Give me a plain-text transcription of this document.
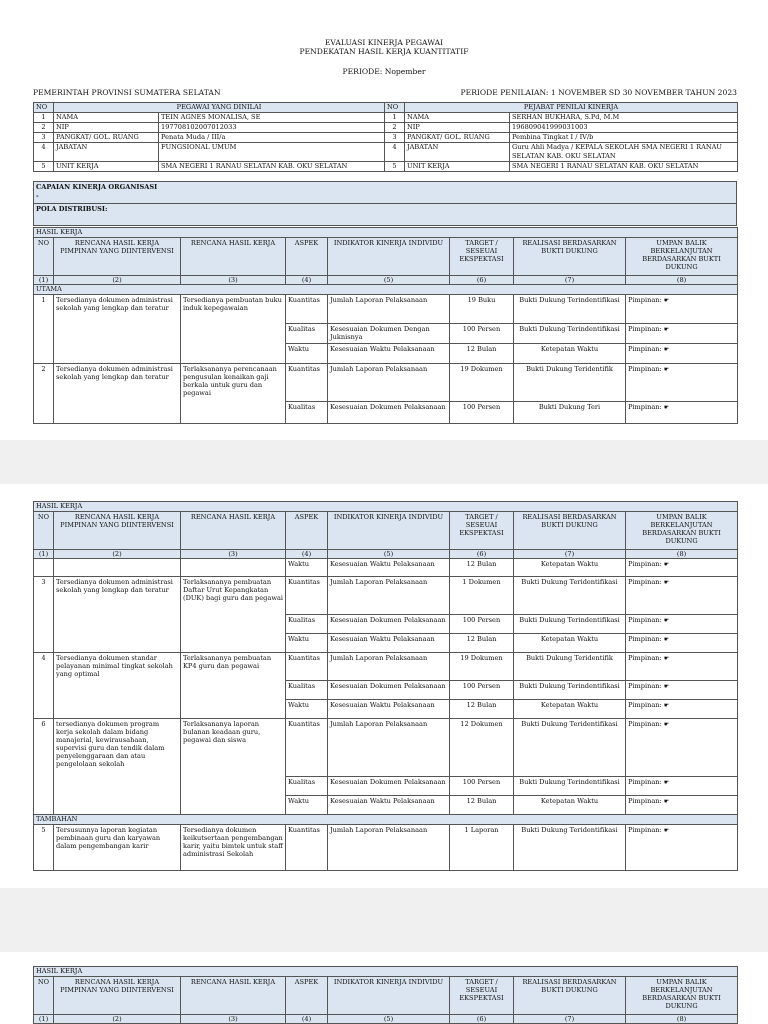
EVALUASI KINERJA PEGAWAI
PENDEKATAN HASIL KERJA KUANTITATIF
PERIODE: Nopember
PEMERINTAH PROVINSI SUMATERA SELATAN	PERIODE PENILAIAN: 1 NOVEMBER SD 30 NOVEMBER TAHUN 2023
NO	PEGAWAI YANG DINILAI		NO	PEJABAT PENILAI KINERJA	
1	NAMA	TEIN AGNES MONALISA, SE	1	NAMA	SERHAN BUKHARA, S.Pd, M.M
2	NIP	197708102007012033	2	NIP	196809041999031003
3	PANGKAT/ GOL. RUANG	Penata Muda / III/a	3	PANGKAT/ GOL. RUANG	Pembina Tingkat I / IV/b
4	JABATAN	FUNGSIONAL UMUM	4	JABATAN	Guru Ahli Madya / KEPALA SEKOLAH SMA NEGERI 1 RANAU SELATAN KAB. OKU SELATAN
5	UNIT KERJA	SMA NEGERI 1 RANAU SELATAN KAB. OKU SELATAN	5	UNIT KERJA	SMA NEGERI 1 RANAU SELATAN KAB. OKU SELATAN
CAPAIAN KINERJA ORGANISASI
-

POLA DISTRIBUSI:
HASIL KERJA							
NO	RENCANA HASIL KERJA PIMPINAN YANG DIINTERVENSI	RENCANA HASIL KERJA	ASPEK	INDIKATOR KINERJA INDIVIDU	TARGET / SESEUAI EKSPEKTASI	REALISASI BERDASARKAN BUKTI DUKUNG	UMPAN BALIK BERKELANJUTAN BERDASARKAN BUKTI DUKUNG
(1)	(2)	(3)	(4)	(5)	(6)	(7)	(8)
UTAMA							
1	Tersedianya dokumen administrasi sekolah yang lengkap dan teratur	Tersedianya pembuatan buku induk kepegawaian	Kuantitas	Jumlah Laporan Pelaksanaan	19 Buku	Bukti Dukung Terindentifikasi	Pimpinan: ☛
			Kualitas	Kesesuaian Dokumen Dengan Juknisnya	100 Persen	Bukti Dukung Terindentifikasi	Pimpinan: ☛
			Waktu	Kesesuaian Waktu Pelaksanaan	12 Bulan	Ketepatan Waktu	Pimpinan: ☛
2	Tersedianya dokumen administrasi sekolah yang lengkap dan teratur	Terlaksananya perencanaan pengusulan kenaikan gaji berkala untuk guru dan pegawai	Kuantitas	Jumlah Laporan Pelaksanaan	19 Dokumen	Bukti Dukung Teridentifik	Pimpinan: ☛
			Kualitas	Kesesuaian Dokumen Pelaksanaan	100 Persen	Bukti Dukung Teri	Pimpinan: ☛
HASIL KERJA							
NO	RENCANA HASIL KERJA PIMPINAN YANG DIINTERVENSI	RENCANA HASIL KERJA	ASPEK	INDIKATOR KINERJA INDIVIDU	TARGET / SESEUAI EKSPEKTASI	REALISASI BERDASARKAN BUKTI DUKUNG	UMPAN BALIK BERKELANJUTAN BERDASARKAN BUKTI DUKUNG
(1)	(2)	(3)	(4)	(5)	(6)	(7)	(8)
			Waktu	Kesesuaian Waktu Pelaksanaan	12 Bulan	Ketepatan Waktu	Pimpinan: ☛
3	Tersedianya dokumen administrasi sekolah yang lengkap dan teratur	Terlaksananya pembuatan Daftar Urut Kepangkatan (DUK) bagi guru dan pegawai	Kuantitas	Jumlah Laporan Pelaksanaan	1 Dokumen	Bukti Dukung Teridentifikasi	Pimpinan: ☛
			Kualitas	Kesesuaian Dokumen Pelaksanaan	100 Persen	Bukti Dukung Terindentifikasi	Pimpinan: ☛
			Waktu	Kesesuaian Waktu Pelaksanaan	12 Bulan	Ketepatan Waktu	Pimpinan: ☛
4	Tersedianya dokumen standar pelayanan minimal tingkat sekolah yang optimal	Terlaksananya pembuatan KP4 guru dan pegawai	Kuantitas	Jumlah Laporan Pelaksanaan	19 Dokumen	Bukti Dukung Teridentifik	Pimpinan: ☛
			Kualitas	Kesesuaian Dokumen Pelaksanaan	100 Persen	Bukti Dukung Terindentifikasi	Pimpinan: ☛
			Waktu	Kesesuaian Waktu Pelaksanaan	12 Bulan	Ketepatan Waktu	Pimpinan: ☛
6	tersedianya dokumen program kerja sekolah dalam bidang manajerial, kewirausahaan, supervisi guru dan tendik dalam penyelenggaraan dan atau pengelolaan sekolah	Terlaksananya laporan bulanan keadaan guru, pegawai dan siswa	Kuantitas	Jumlah Laporan Pelaksanaan	12 Dokumen	Bukti Dukung Teridentifikasi	Pimpinan: ☛
			Kualitas	Kesesuaian Dokumen Pelaksanaan	100 Persen	Bukti Dukung Terindentifikasi	Pimpinan: ☛
			Waktu	Kesesuaian Waktu Pelaksanaan	12 Bulan	Ketepatan Waktu	Pimpinan: ☛
TAMBAHAN							
5	Tersusunnya laporan kegiatan pembinaan guru dan karyawan dalam pengembangan karir	Tersedianya dokumen keikutsertaan pengembangan karir, yaitu bimtek untuk staff administrasi Sekolah	Kuantitas	Jumlah Laporan Pelaksanaan	1 Laporan	Bukti Dukung Teridentifikasi	Pimpinan: ☛
HASIL KERJA							
NO	RENCANA HASIL KERJA PIMPINAN YANG DIINTERVENSI	RENCANA HASIL KERJA	ASPEK	INDIKATOR KINERJA INDIVIDU	TARGET / SESEUAI EKSPEKTASI	REALISASI BERDASARKAN BUKTI DUKUNG	UMPAN BALIK BERKELANJUTAN BERDASARKAN BUKTI DUKUNG
(1)	(2)	(3)	(4)	(5)	(6)	(7)	(8)
